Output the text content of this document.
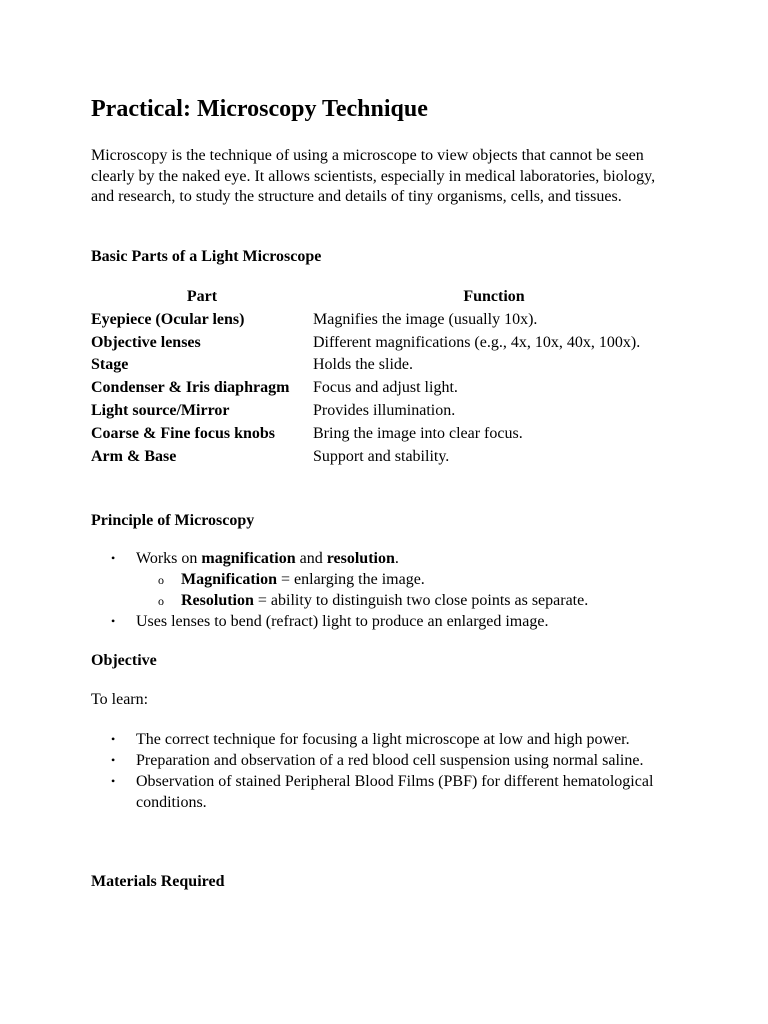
Practical: Microscopy Technique

Microscopy is the technique of using a microscope to view objects that cannot be seen clearly by the naked eye. It allows scientists, especially in medical laboratories, biology, and research, to study the structure and details of tiny organisms, cells, and tissues.

Basic Parts of a Light Microscope

Part	Function
Eyepiece (Ocular lens)	Magnifies the image (usually 10x).
Objective lenses	Different magnifications (e.g., 4x, 10x, 40x, 100x).
Stage	Holds the slide.
Condenser & Iris diaphragm	Focus and adjust light.
Light source/Mirror	Provides illumination.
Coarse & Fine focus knobs	Bring the image into clear focus.
Arm & Base	Support and stability.

Principle of Microscopy

• Works on magnification and resolution.
o Magnification = enlarging the image.
o Resolution = ability to distinguish two close points as separate.
• Uses lenses to bend (refract) light to produce an enlarged image.

Objective

To learn:

• The correct technique for focusing a light microscope at low and high power.
• Preparation and observation of a red blood cell suspension using normal saline.
• Observation of stained Peripheral Blood Films (PBF) for different hematological conditions.

Materials Required
